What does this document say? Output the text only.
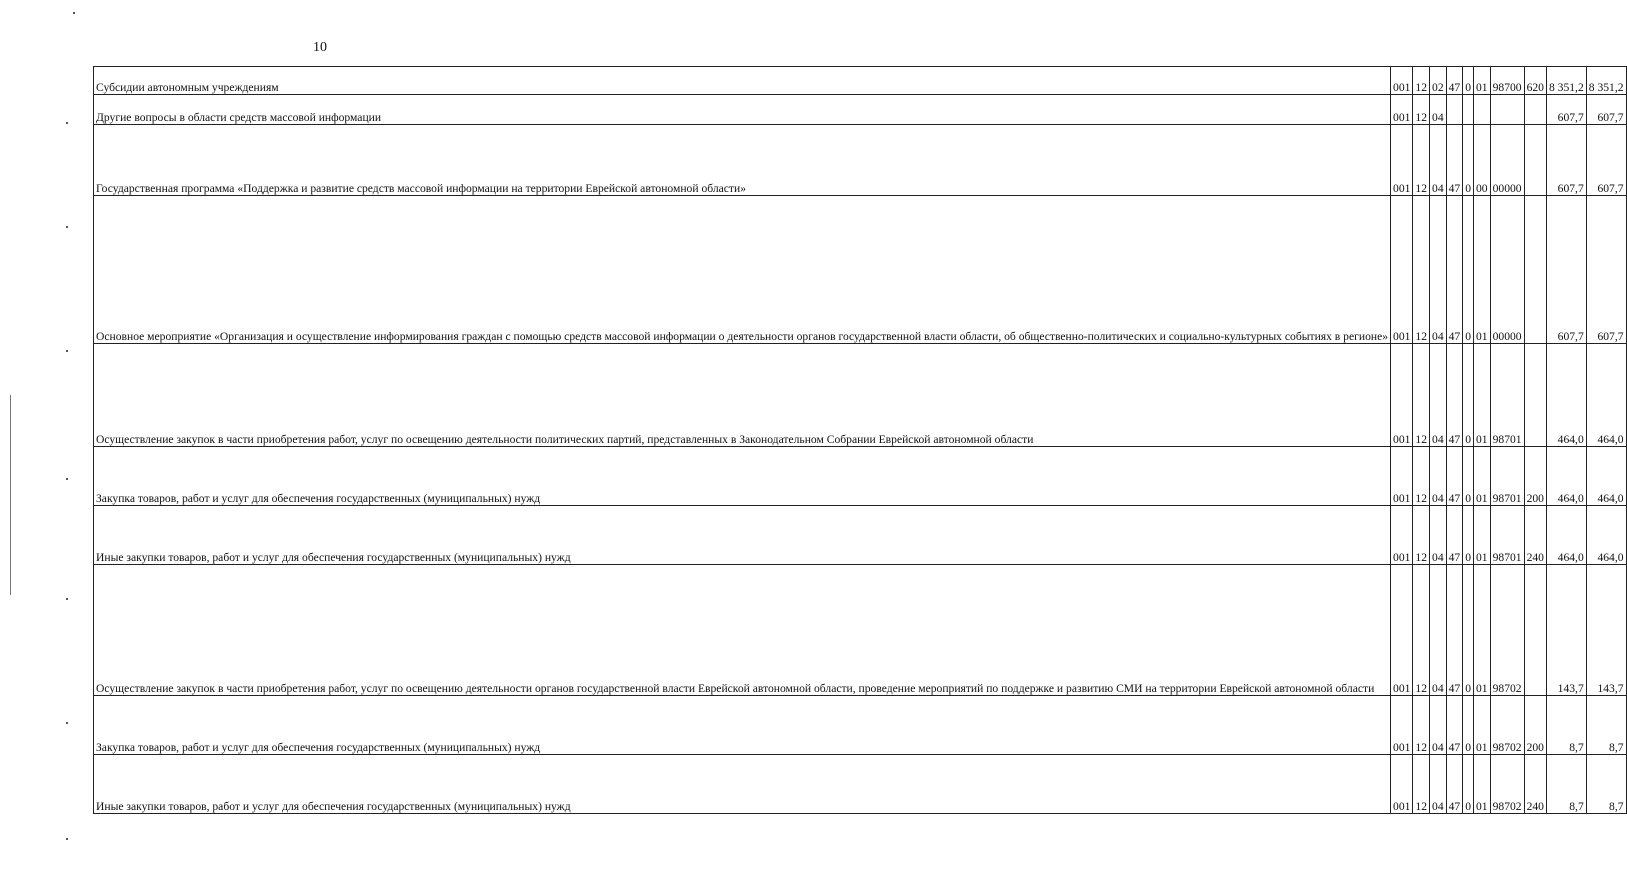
10
Субсидии автономным учреждениям	001	12	02	47	0	01	98700	620	8 351,2	8 351,2

Другие вопросы в области средств массовой информации	001	12	04						607,7	607,7

Государственная программа «Поддержка и развитие средств массовой информации на территории Еврейской автономной области»	001	12	04	47	0	00	00000		607,7	607,7

Основное мероприятие «Организация и осуществление информирования граждан с помощью средств массовой информации о деятельности органов государственной власти области, об общественно-политических и социально-культурных событиях в регионе»	001	12	04	47	0	01	00000		607,7	607,7

Осуществление закупок в части приобретения работ, услуг по освещению деятельности политических партий, представленных в Законодательном Собрании Еврейской автономной области	001	12	04	47	0	01	98701		464,0	464,0

Закупка товаров, работ и услуг для обеспечения государственных (муниципальных) нужд	001	12	04	47	0	01	98701	200	464,0	464,0

Иные закупки товаров, работ и услуг для обеспечения государственных (муниципальных) нужд	001	12	04	47	0	01	98701	240	464,0	464,0

Осуществление закупок в части приобретения работ, услуг по освещению деятельности органов государственной власти Еврейской автономной области, проведение мероприятий по поддержке и развитию СМИ на территории Еврейской автономной области	001	12	04	47	0	01	98702		143,7	143,7

Закупка товаров, работ и услуг для обеспечения государственных (муниципальных) нужд	001	12	04	47	0	01	98702	200	8,7	8,7

Иные закупки товаров, работ и услуг для обеспечения государственных (муниципальных) нужд	001	12	04	47	0	01	98702	240	8,7	8,7
